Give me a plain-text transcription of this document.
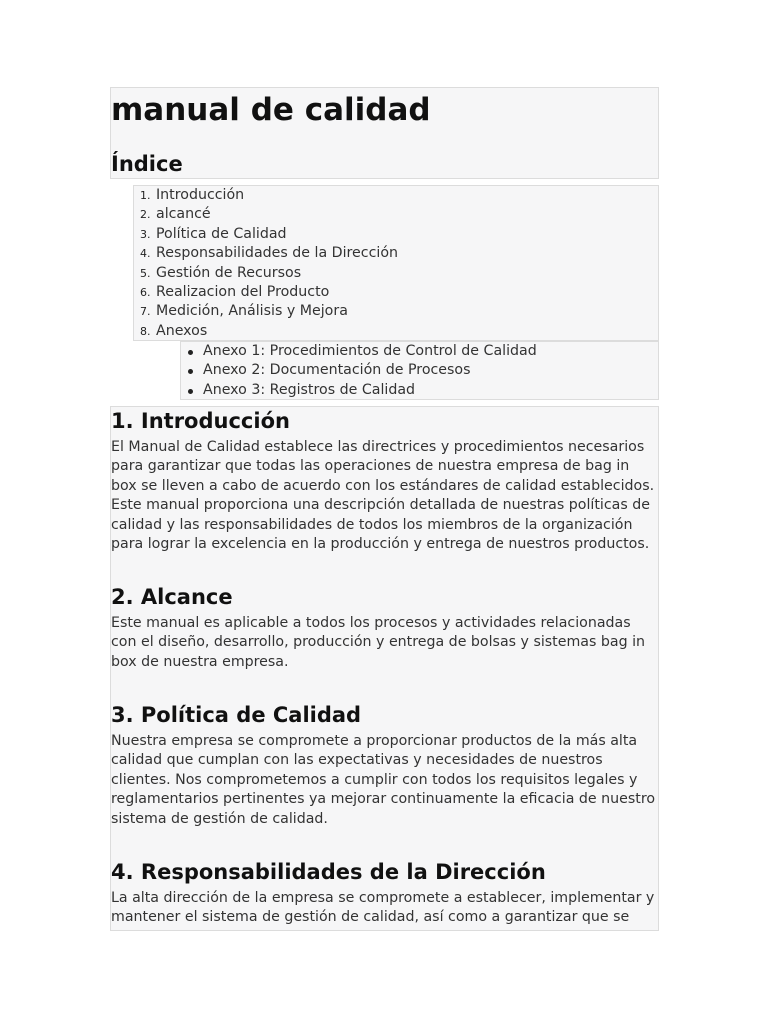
manual de calidad
Índice
1. Introducción
2. alcancé
3. Política de Calidad
4. Responsabilidades de la Dirección
5. Gestión de Recursos
6. Realizacion del Producto
7. Medición, Análisis y Mejora
8. Anexos
Anexo 1: Procedimientos de Control de Calidad
Anexo 2: Documentación de Procesos
Anexo 3: Registros de Calidad
1. Introducción

El Manual de Calidad establece las directrices y procedimientos necesarios para garantizar que todas las operaciones de nuestra empresa de bag in box se lleven a cabo de acuerdo con los estándares de calidad establecidos. Este manual proporciona una descripción detallada de nuestras políticas de calidad y las responsabilidades de todos los miembros de la organización para lograr la excelencia en la producción y entrega de nuestros productos.

2. Alcance

Este manual es aplicable a todos los procesos y actividades relacionadas con el diseño, desarrollo, producción y entrega de bolsas y sistemas bag in box de nuestra empresa.

3. Política de Calidad

Nuestra empresa se compromete a proporcionar productos de la más alta calidad que cumplan con las expectativas y necesidades de nuestros clientes. Nos comprometemos a cumplir con todos los requisitos legales y reglamentarios pertinentes ya mejorar continuamente la eficacia de nuestro sistema de gestión de calidad.

4. Responsabilidades de la Dirección

La alta dirección de la empresa se compromete a establecer, implementar y mantener el sistema de gestión de calidad, así como a garantizar que se
